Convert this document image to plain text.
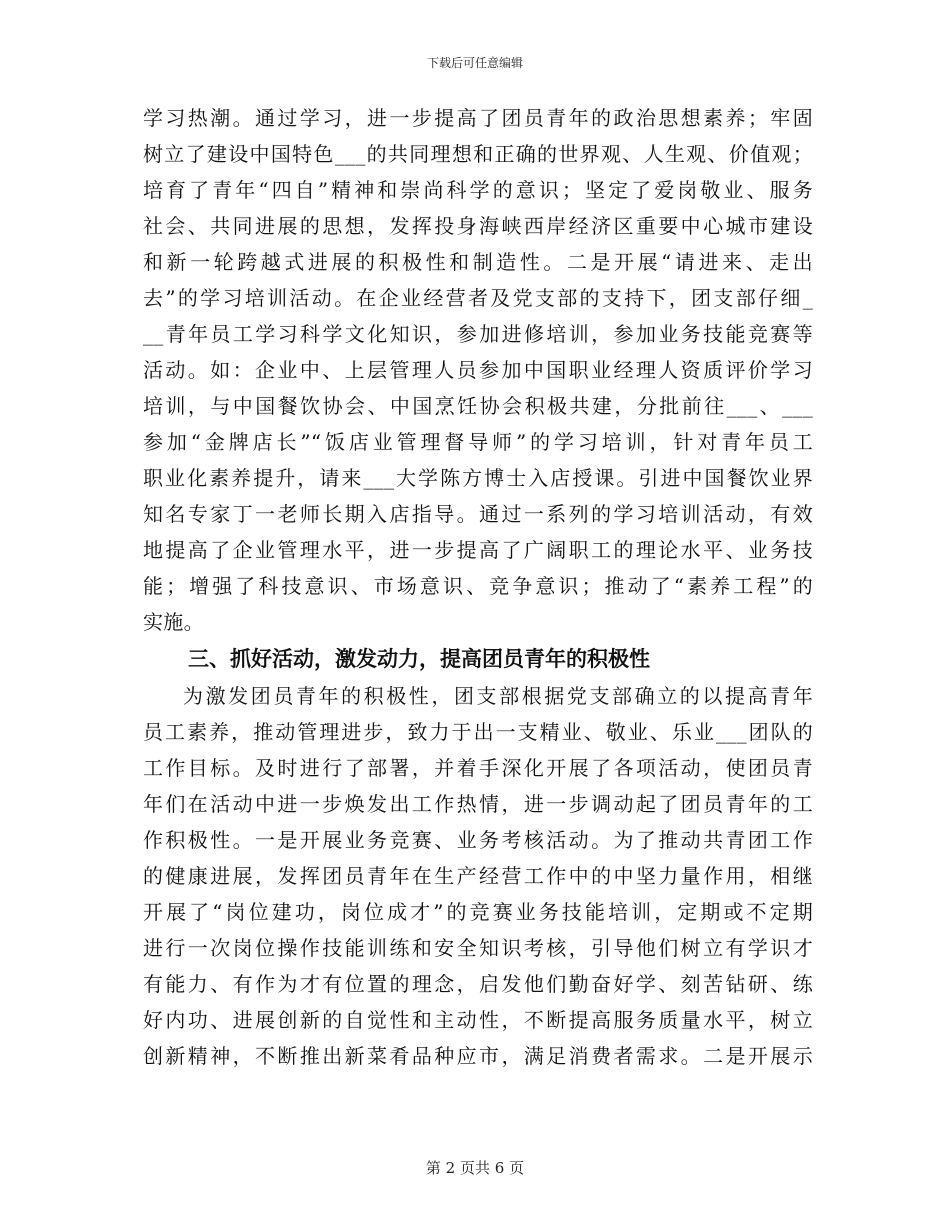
下载后可任意编辑
学习热潮。通过学习，进一步提高了团员青年的政治思想素养；牢固
树立了建设中国特色___的共同理想和正确的世界观、人生观、价值观；
培育了青年“四自”精神和崇尚科学的意识；坚定了爱岗敬业、服务
社会、共同进展的思想，发挥投身海峡西岸经济区重要中心城市建设
和新一轮跨越式进展的积极性和制造性。二是开展“请进来、走出
去”的学习培训活动。在企业经营者及党支部的支持下，团支部仔细_
__青年员工学习科学文化知识，参加进修培训，参加业务技能竞赛等
活动。如：企业中、上层管理人员参加中国职业经理人资质评价学习
培训，与中国餐饮协会、中国烹饪协会积极共建，分批前往___、___
参加“金牌店长”“饭店业管理督导师”的学习培训，针对青年员工
职业化素养提升，请来___大学陈方博士入店授课。引进中国餐饮业界
知名专家丁一老师长期入店指导。通过一系列的学习培训活动，有效
地提高了企业管理水平，进一步提高了广阔职工的理论水平、业务技
能；增强了科技意识、市场意识、竞争意识；推动了“素养工程”的
实施。
三、抓好活动，激发动力，提高团员青年的积极性
为激发团员青年的积极性，团支部根据党支部确立的以提高青年
员工素养，推动管理进步，致力于出一支精业、敬业、乐业___团队的
工作目标。及时进行了部署，并着手深化开展了各项活动，使团员青
年们在活动中进一步焕发出工作热情，进一步调动起了团员青年的工
作积极性。一是开展业务竞赛、业务考核活动。为了推动共青团工作
的健康进展，发挥团员青年在生产经营工作中的中坚力量作用，相继
开展了“岗位建功，岗位成才”的竞赛业务技能培训，定期或不定期
进行一次岗位操作技能训练和安全知识考核，引导他们树立有学识才
有能力、有作为才有位置的理念，启发他们勤奋好学、刻苦钻研、练
好内功、进展创新的自觉性和主动性，不断提高服务质量水平，树立
创新精神，不断推出新菜肴品种应市，满足消费者需求。二是开展示
第 2 页共 6 页
